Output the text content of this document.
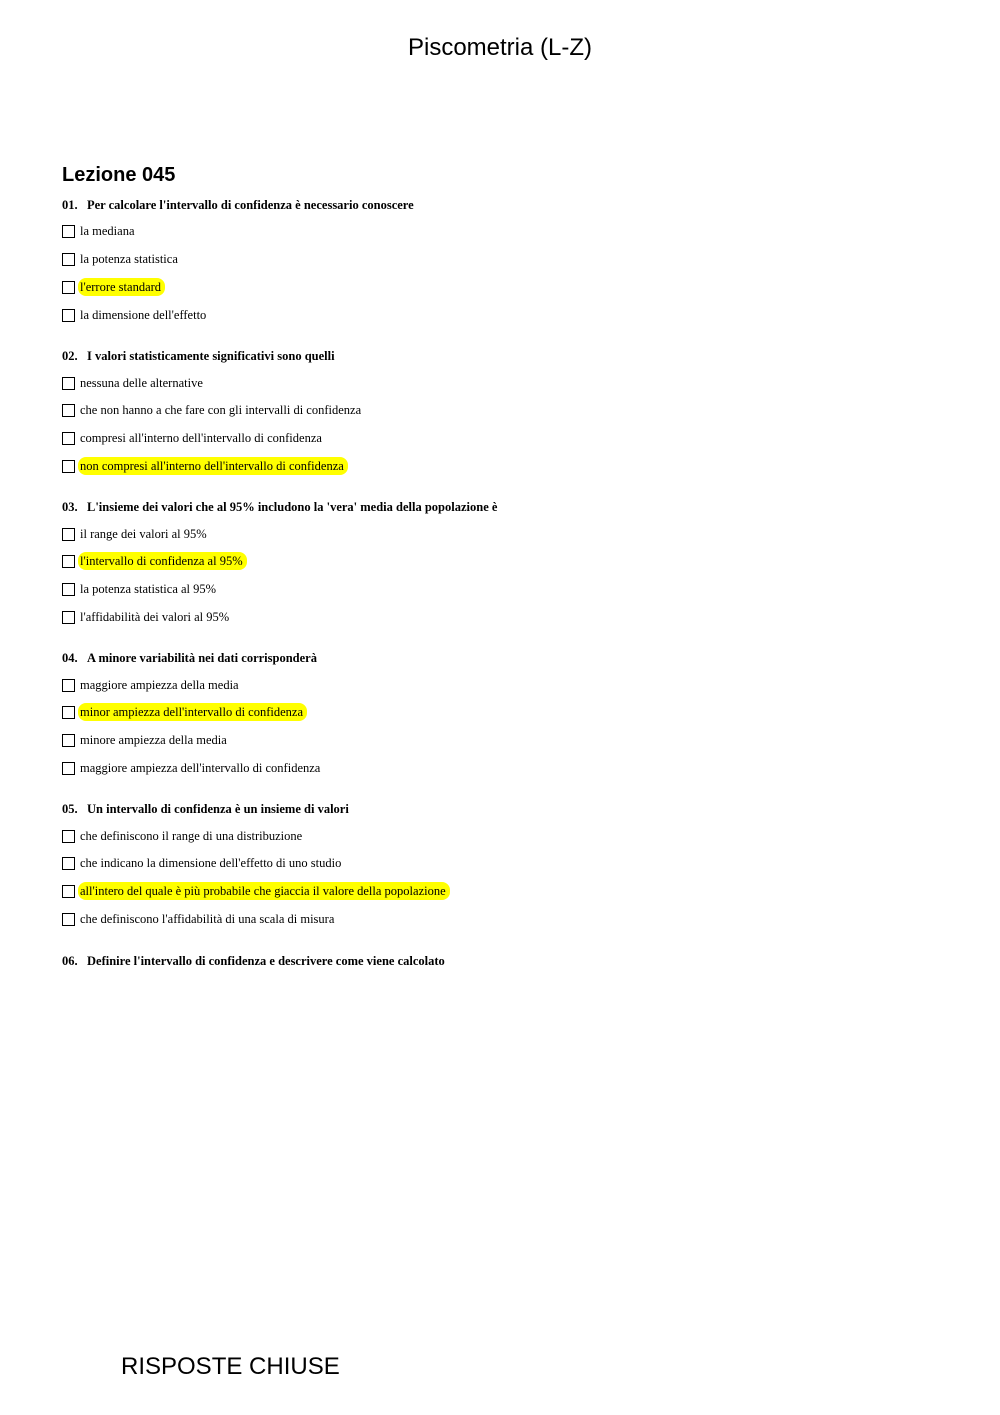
Piscometria (L-Z)
Lezione 045
01. Per calcolare l'intervallo di confidenza è necessario conoscere
la mediana
la potenza statistica
l'errore standard
la dimensione dell'effetto
02. I valori statisticamente significativi sono quelli
nessuna delle alternative
che non hanno a che fare con gli intervalli di confidenza
compresi all'interno dell'intervallo di confidenza
non compresi all'interno dell'intervallo di confidenza
03. L'insieme dei valori che al 95% includono la 'vera' media della popolazione è
il range dei valori al 95%
l'intervallo di confidenza al 95%
la potenza statistica al 95%
l'affidabilità dei valori al 95%
04. A minore variabilità nei dati corrisponderà
maggiore ampiezza della media
minor ampiezza dell'intervallo di confidenza
minore ampiezza della media
maggiore ampiezza dell'intervallo di confidenza
05. Un intervallo di confidenza è un insieme di valori
che definiscono il range di una distribuzione
che indicano la dimensione dell'effetto di uno studio
all'intero del quale è più probabile che giaccia il valore della popolazione
che definiscono l'affidabilità di una scala di misura
06. Definire l'intervallo di confidenza e descrivere come viene calcolato
RISPOSTE CHIUSE
